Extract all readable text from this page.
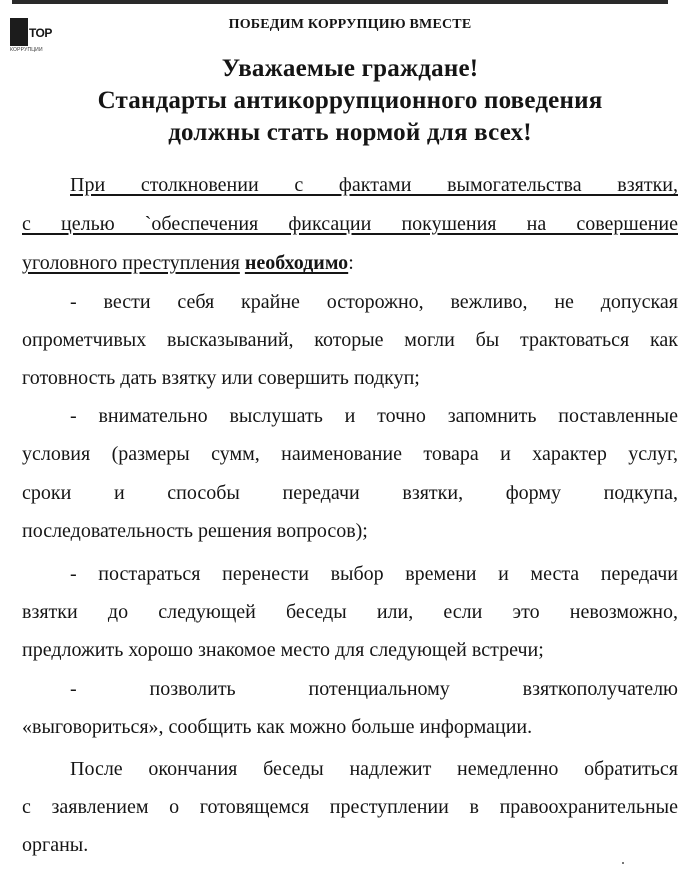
ТОР
КОРРУПЦИИ
ПОБЕДИМ КОРРУПЦИЮ ВМЕСТЕ
Уважаемые граждане!
Стандарты антикоррупционного поведения
должны стать нормой для всех!
При столкновении с фактами вымогательства взятки,
с целью `обеспечения фиксации покушения на совершение
уголовного преступления необходимо:
- вести себя крайне осторожно, вежливо, не допуская
опрометчивых высказываний, которые могли бы трактоваться как
готовность дать взятку или совершить подкуп;
- внимательно выслушать и точно запомнить поставленные
условия (размеры сумм, наименование товара и характер услуг,
сроки и способы передачи взятки, форму подкупа,
последовательность решения вопросов);
- постараться перенести выбор времени и места передачи
взятки до следующей беседы или, если это невозможно,
предложить хорошо знакомое место для следующей встречи;
- позволить потенциальному взяткополучателю
«выговориться», сообщить как можно больше информации.
После окончания беседы надлежит немедленно обратиться
с заявлением о готовящемся преступлении в правоохранительные
органы.
